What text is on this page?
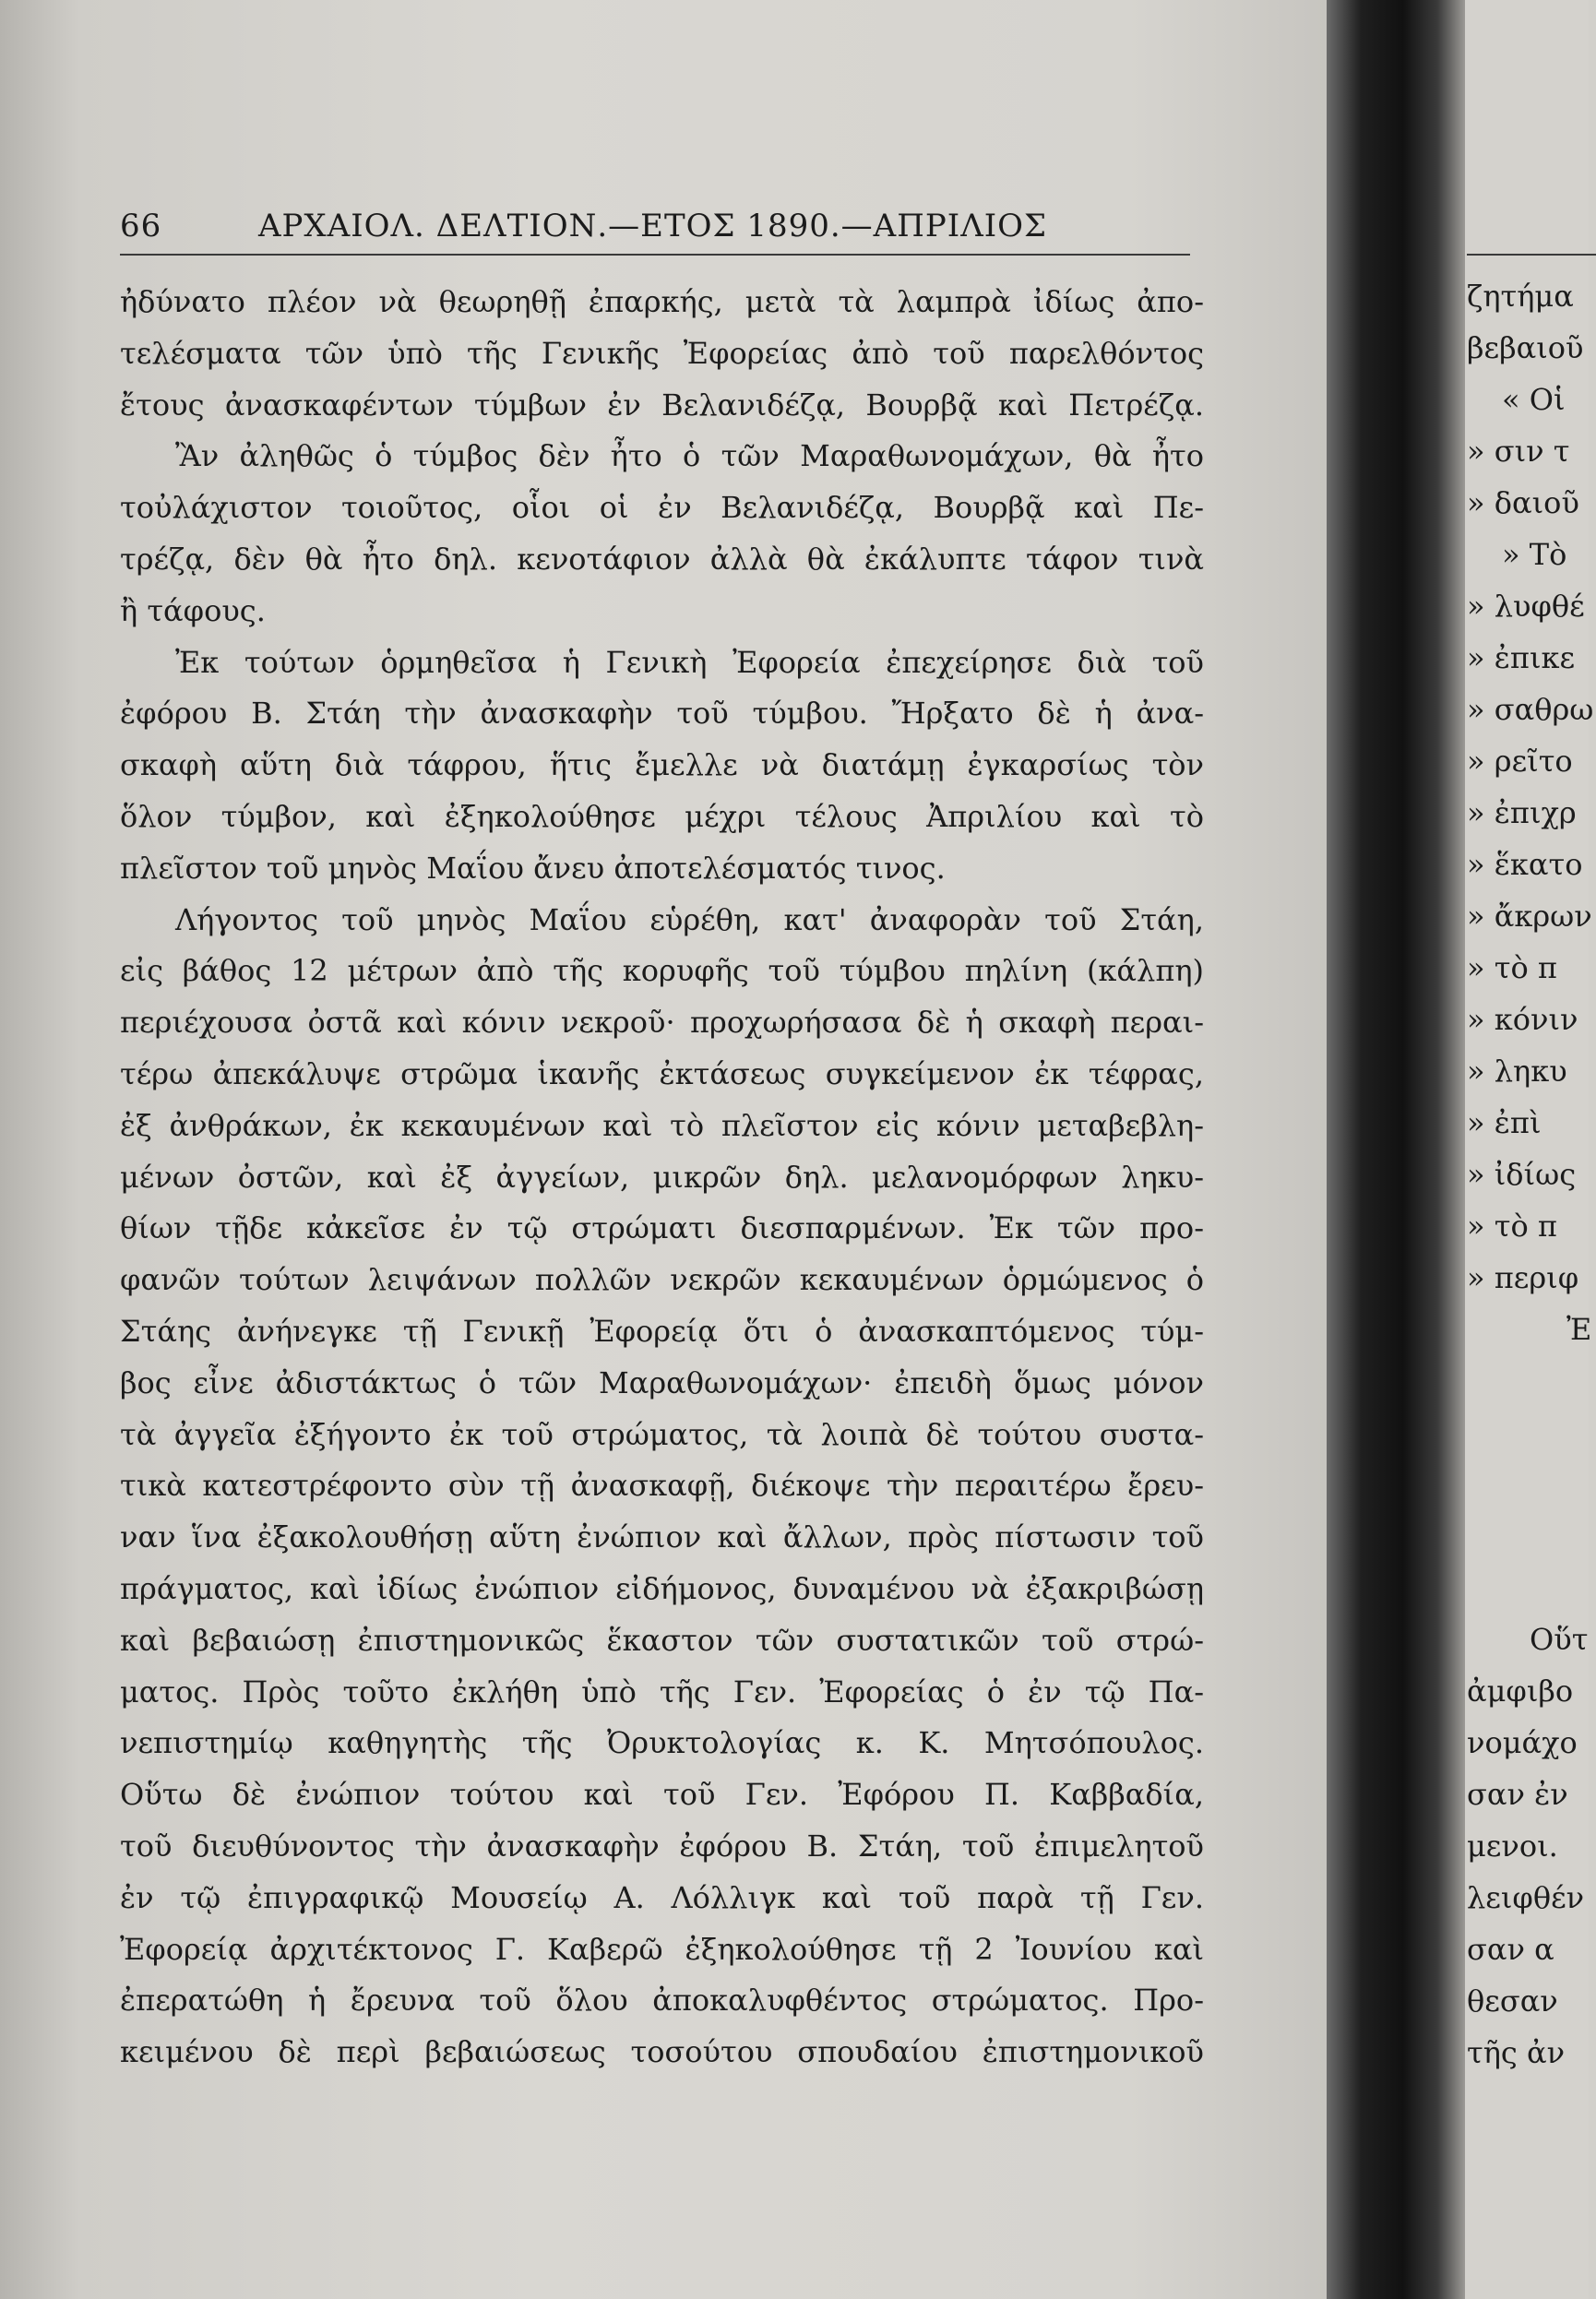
66	ΑΡΧΑΙΟΛ. ΔΕΛΤΙΟΝ.—ΕΤΟΣ 1890.—ΑΠΡΙΛΙΟΣ
ἠδύνατο πλέον νὰ θεωρηθῇ ἐπαρκής, μετὰ τὰ λαμπρὰ ἰδίως ἀπο-
τελέσματα τῶν ὑπὸ τῆς Γενικῆς Ἐφορείας ἀπὸ τοῦ παρελθόντος
ἔτους ἀνασκαφέντων τύμβων ἐν Βελανιδέζᾳ, Βουρβᾷ καὶ Πετρέζᾳ.
Ἂν ἀληθῶς ὁ τύμβος δὲν ἦτο ὁ τῶν Μαραθωνομάχων, θὰ ἦτο
τοὐλάχιστον τοιοῦτος, οἷοι οἱ ἐν Βελανιδέζᾳ, Βουρβᾷ καὶ Πε-
τρέζᾳ, δὲν θὰ ἦτο δηλ. κενοτάφιον ἀλλὰ θὰ ἐκάλυπτε τάφον τινὰ
ἢ τάφους.
Ἐκ τούτων ὁρμηθεῖσα ἡ Γενικὴ Ἐφορεία ἐπεχείρησε διὰ τοῦ
ἐφόρου Β. Στάη τὴν ἀνασκαφὴν τοῦ τύμβου. Ἤρξατο δὲ ἡ ἀνα-
σκαφὴ αὕτη διὰ τάφρου, ἥτις ἔμελλε νὰ διατάμῃ ἐγκαρσίως τὸν
ὅλον τύμβον, καὶ ἐξηκολούθησε μέχρι τέλους Ἀπριλίου καὶ τὸ
πλεῖστον τοῦ μηνὸς Μαΐου ἄνευ ἀποτελέσματός τινος.
Λήγοντος τοῦ μηνὸς Μαΐου εὑρέθη, κατ' ἀναφορὰν τοῦ Στάη,
εἰς βάθος 12 μέτρων ἀπὸ τῆς κορυφῆς τοῦ τύμβου πηλίνη (κάλπη)
περιέχουσα ὀστᾶ καὶ κόνιν νεκροῦ· προχωρήσασα δὲ ἡ σκαφὴ περαι-
τέρω ἀπεκάλυψε στρῶμα ἱκανῆς ἐκτάσεως συγκείμενον ἐκ τέφρας,
ἐξ ἀνθράκων, ἐκ κεκαυμένων καὶ τὸ πλεῖστον εἰς κόνιν μεταβεβλη-
μένων ὀστῶν, καὶ ἐξ ἀγγείων, μικρῶν δηλ. μελανομόρφων ληκυ-
θίων τῇδε κἀκεῖσε ἐν τῷ στρώματι διεσπαρμένων. Ἐκ τῶν προ-
φανῶν τούτων λειψάνων πολλῶν νεκρῶν κεκαυμένων ὁρμώμενος ὁ
Στάης ἀνήνεγκε τῇ Γενικῇ Ἐφορείᾳ ὅτι ὁ ἀνασκαπτόμενος τύμ-
βος εἶνε ἀδιστάκτως ὁ τῶν Μαραθωνομάχων· ἐπειδὴ ὅμως μόνον
τὰ ἀγγεῖα ἐξήγοντο ἐκ τοῦ στρώματος, τὰ λοιπὰ δὲ τούτου συστα-
τικὰ κατεστρέφοντο σὺν τῇ ἀνασκαφῇ, διέκοψε τὴν περαιτέρω ἔρευ-
ναν ἵνα ἐξακολουθήσῃ αὕτη ἐνώπιον καὶ ἄλλων, πρὸς πίστωσιν τοῦ
πράγματος, καὶ ἰδίως ἐνώπιον εἰδήμονος, δυναμένου νὰ ἐξακριβώσῃ
καὶ βεβαιώσῃ ἐπιστημονικῶς ἕκαστον τῶν συστατικῶν τοῦ στρώ-
ματος. Πρὸς τοῦτο ἐκλήθη ὑπὸ τῆς Γεν. Ἐφορείας ὁ ἐν τῷ Πα-
νεπιστημίῳ καθηγητὴς τῆς Ὀρυκτολογίας κ. Κ. Μητσόπουλος.
Οὕτω δὲ ἐνώπιον τούτου καὶ τοῦ Γεν. Ἐφόρου Π. Καββαδία,
τοῦ διευθύνοντος τὴν ἀνασκαφὴν ἐφόρου Β. Στάη, τοῦ ἐπιμελητοῦ
ἐν τῷ ἐπιγραφικῷ Μουσείῳ Α. Λόλλιγκ καὶ τοῦ παρὰ τῇ Γεν.
Ἐφορείᾳ ἀρχιτέκτονος Γ. Καβερῶ ἐξηκολούθησε τῇ 2 Ἰουνίου καὶ
ἐπερατώθη ἡ ἔρευνα τοῦ ὅλου ἀποκαλυφθέντος στρώματος. Προ-
κειμένου δὲ περὶ βεβαιώσεως τοσούτου σπουδαίου ἐπιστημονικοῦ
ζητήμα
βεβαιοῦ
« Οἱ
» σιν τ
» δαιοῦ
» Τὸ
» λυφθέ
» ἐπικε
» σαθρω
» ρεῖτο
» ἐπιχρ
» ἕκατο
» ἄκρων
» τὸ π
» κόνιν
» ληκυ
» ἐπὶ
» ἰδίως
» τὸ π
» περιφ
Ἐ
Οὕτ
ἀμφιβο
νομάχο
σαν ἐν
μενοι.
λειφθέν
σαν α
θεσαν
τῆς ἀν
